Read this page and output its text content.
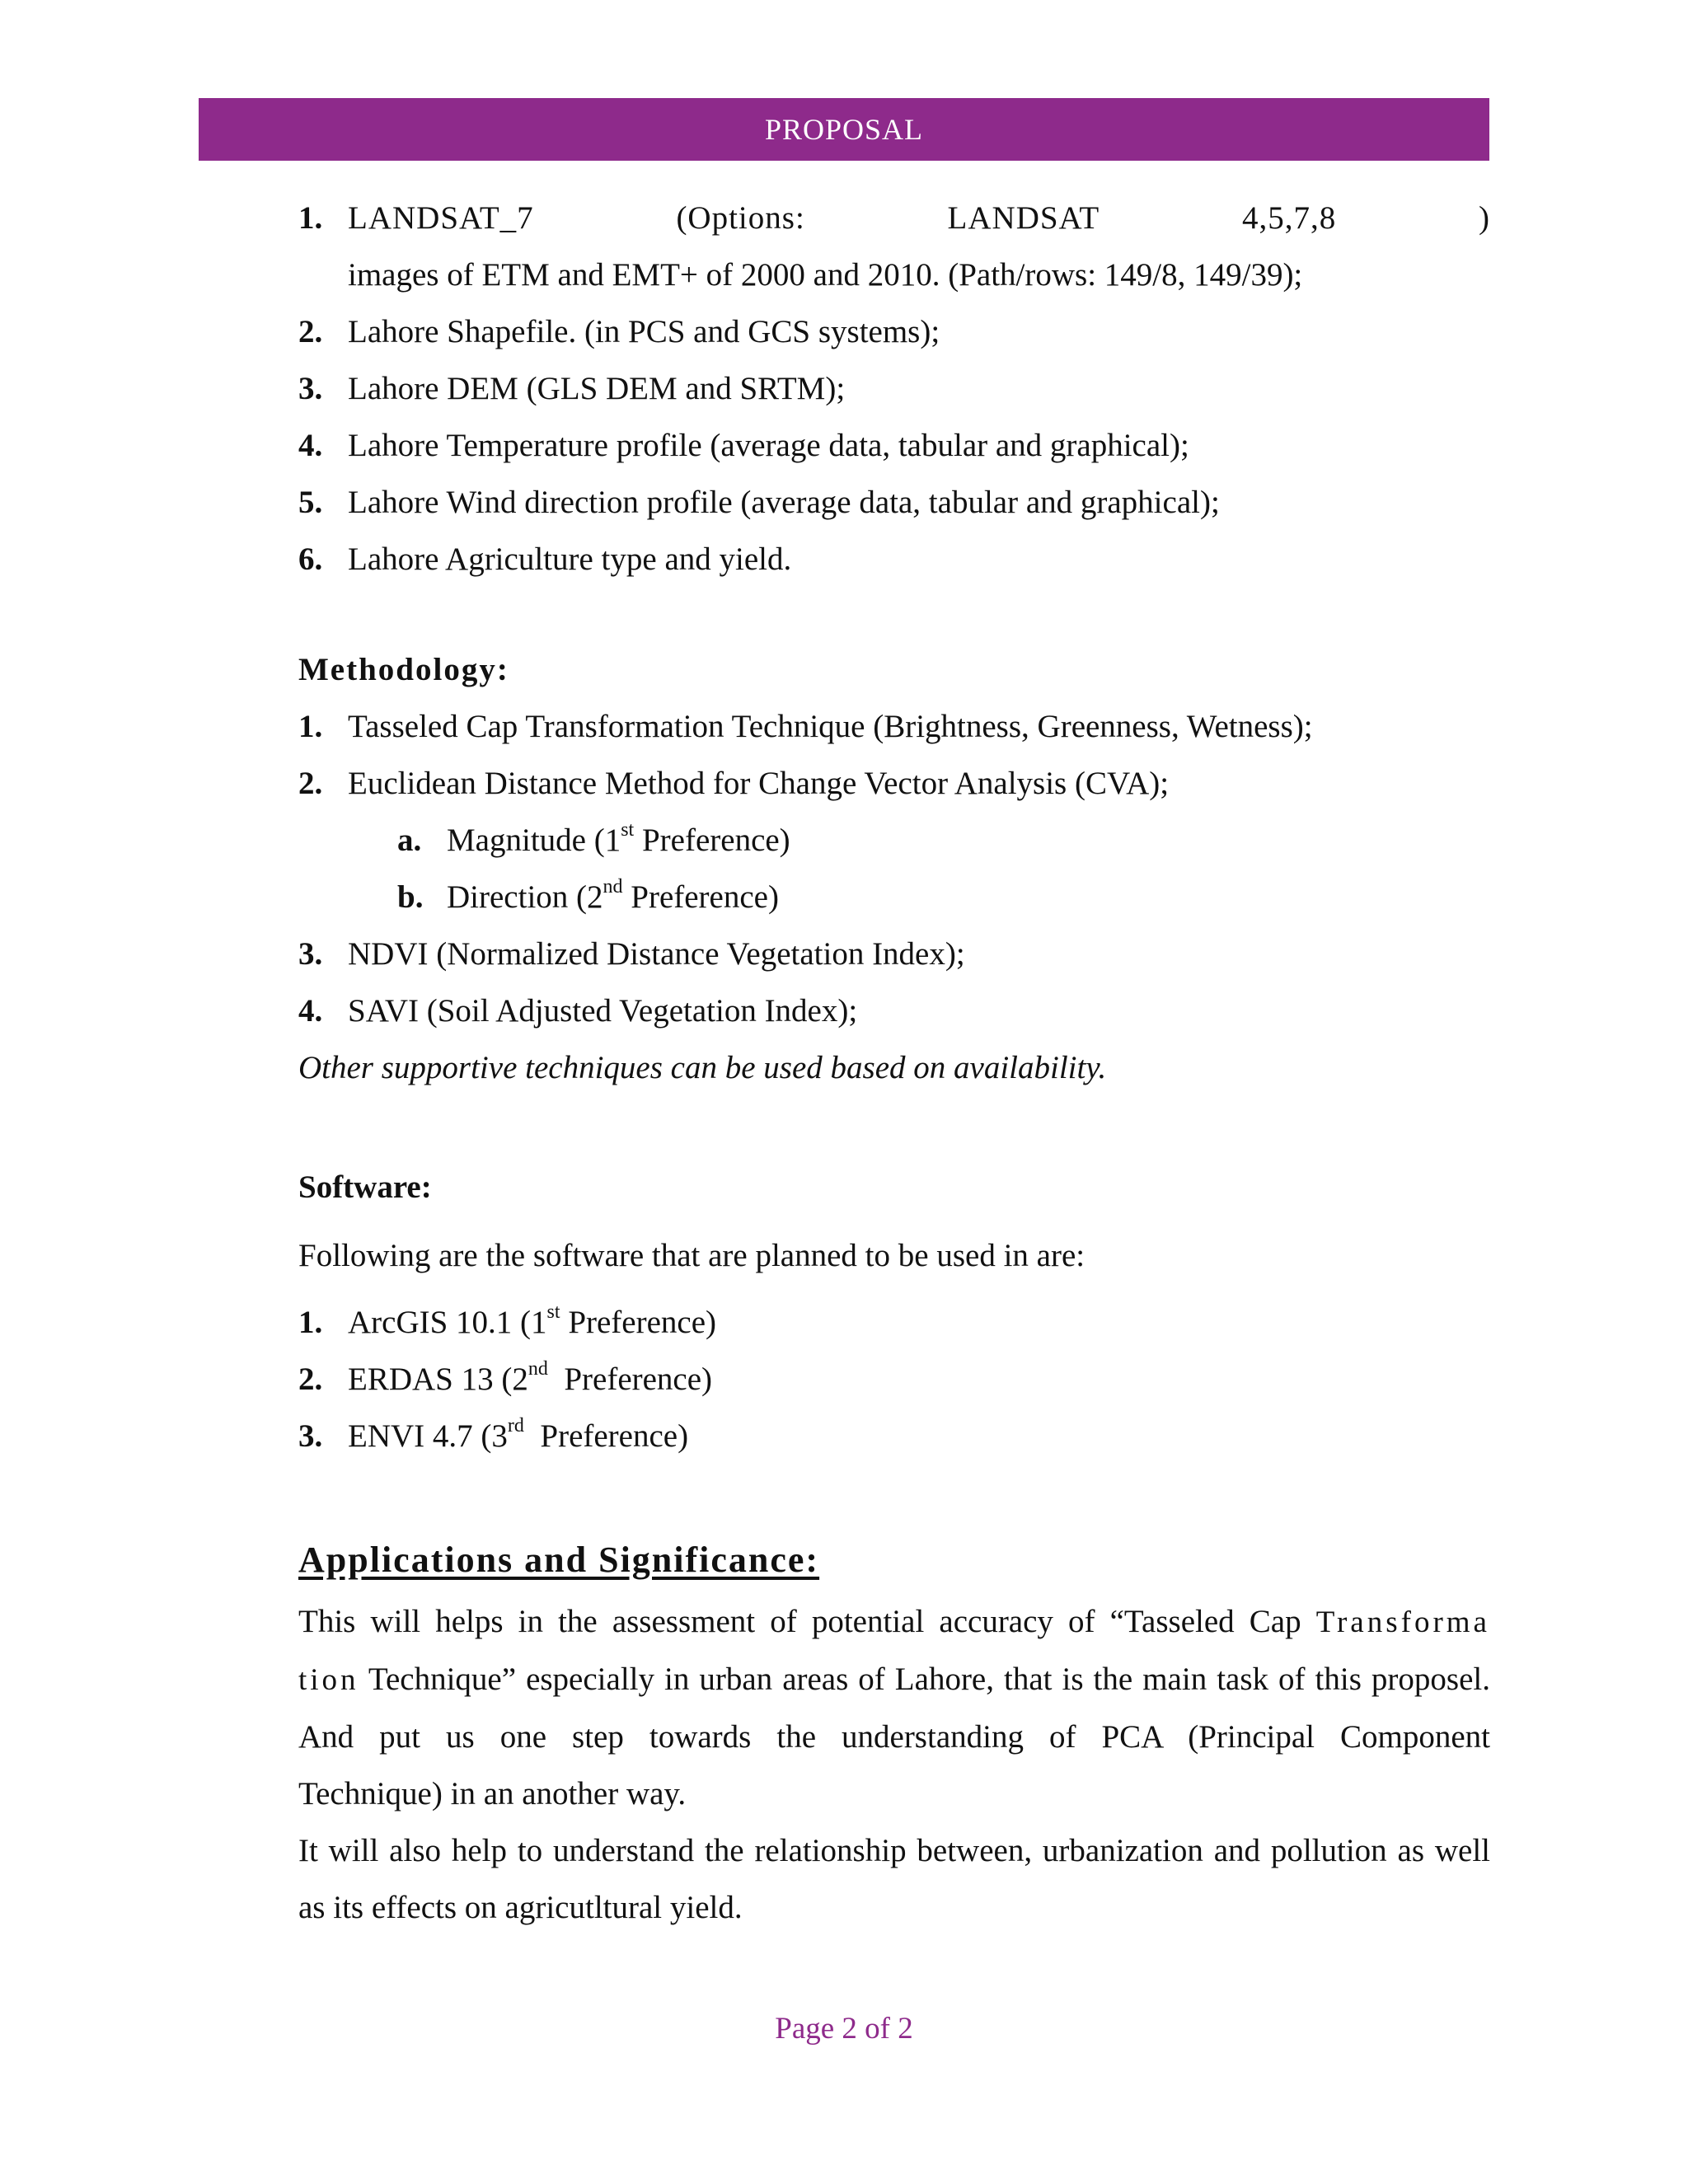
PROPOSAL
1. LANDSAT_7	(Options:	LANDSAT	4,5,7,8	)
images of ETM and EMT+ of 2000 and 2010. (Path/rows: 149/8, 149/39);
2. Lahore Shapefile. (in PCS and GCS systems);
3. Lahore DEM (GLS DEM and SRTM);
4. Lahore Temperature profile (average data, tabular and graphical);
5. Lahore Wind direction profile (average data, tabular and graphical);
6. Lahore Agriculture type and yield.
Methodology:
1. Tasseled Cap Transformation Technique (Brightness, Greenness, Wetness);
2. Euclidean Distance Method for Change Vector Analysis (CVA);
a. Magnitude (1st Preference)
b. Direction (2nd Preference)
3. NDVI (Normalized Distance Vegetation Index);
4. SAVI (Soil Adjusted Vegetation Index);
Other supportive techniques can be used based on availability.
Software:
Following are the software that are planned to be used in are:
1. ArcGIS 10.1 (1st Preference)
2. ERDAS 13 (2nd  Preference)
3. ENVI 4.7 (3rd  Preference)
Applications and Significance:
This will helps in the assessment of potential accuracy of “Tasseled Cap Transforma
tion Technique” especially in urban areas of Lahore, that is the main task of this proposel.
And put us one step towards the understanding of PCA (Principal Component
Technique) in an another way.
It will also help to understand the relationship between, urbanization and pollution as well as its effects on agricutltural yield.
Page 2 of 2
